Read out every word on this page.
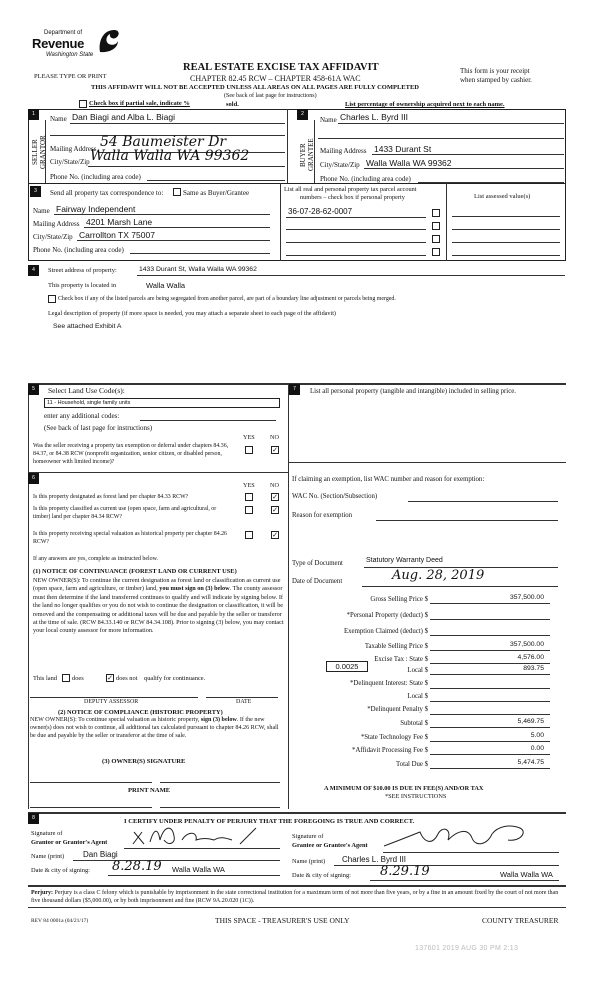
Department of
Revenue
Washington State
PLEASE TYPE OR PRINT
REAL ESTATE EXCISE TAX AFFIDAVIT
CHAPTER 82.45 RCW – CHAPTER 458-61A WAC
This form is your receipt
when stamped by cashier.
THIS AFFIDAVIT WILL NOT BE ACCEPTED UNLESS ALL AREAS ON ALL PAGES ARE FULLY COMPLETED
(See back of last page for instructions)
Check box if partial sale, indicate %	sold.	List percentage of ownership acquired next to each name.
1
SELLER
GRANTOR
Name Dan Biagi and Alba L. Biagi
Mailing Address 54 Baumeister Dr
City/State/Zip Walla Walla WA 99362
Phone No. (including area code)
2
BUYER
GRANTEE
Name Charles L. Byrd III
Mailing Address 1433 Durant St
City/State/Zip Walla Walla WA 99362
Phone No. (including area code)
3	Send all property tax correspondence to:	Same as Buyer/Grantee
Name Fairway Independent
Mailing Address 4201 Marsh Lane
City/State/Zip Carrollton TX 75007
Phone No. (including area code)
List all real and personal property tax parcel account
numbers – check box if personal property	List assessed value(s)
36-07-28-62-0007
4	Street address of property:	1433 Durant St, Walla Walla WA 99362
This property is located in	Walla Walla
Check box if any of the listed parcels are being segregated from another parcel, are part of a boundary line adjustment or parcels being merged.
Legal description of property (if more space is needed, you may attach a separate sheet to each page of the affidavit)
See attached Exhibit A
5	Select Land Use Code(s):
11 - Household, single family units
enter any additional codes:
(See back of last page for instructions)
YES NO
Was the seller receiving a property tax exemption or deferral under chapters 84.36, 84.37, or 84.38 RCW (nonprofit organization, senior citizen, or disabled person, homeowner with limited income)?
✓
6
YES NO
Is this property designated as forest land per chapter 84.33 RCW?	✓
Is this property classified as current use (open space, farm and agricultural, or timber) land per chapter 84.34 RCW?
✓
Is this property receiving special valuation as historical property per chapter 84.26 RCW?
✓
If any answers are yes, complete as instructed below.
(1) NOTICE OF CONTINUANCE (FOREST LAND OR CURRENT USE)
NEW OWNER(S): To continue the current designation as forest land or classification as current use (open space, farm and agriculture, or timber) land, you must sign on (3) below. The county assessor must then determine if the land transferred continues to qualify and will indicate by signing below. If the land no longer qualifies or you do not wish to continue the designation or classification, it will be removed and the compensating or additional taxes will be due and payable by the seller or transferor at the time of sale. (RCW 84.33.140 or RCW 84.34.108). Prior to signing (3) below, you may contact your local county assessor for more information.
This land does	✓ does not qualify for continuance.
DEPUTY ASSESSOR	DATE
(2) NOTICE OF COMPLIANCE (HISTORIC PROPERTY)
NEW OWNER(S): To continue special valuation as historic property, sign (3) below. If the new owner(s) does not wish to continue, all additional tax calculated pursuant to chapter 84.26 RCW, shall be due and payable by the seller or transferor at the time of sale.
(3) OWNER(S) SIGNATURE
PRINT NAME
7	List all personal property (tangible and intangible) included in selling price.
If claiming an exemption, list WAC number and reason for exemption:
WAC No. (Section/Subsection)
Reason for exemption
Type of Document	Statutory Warranty Deed
Date of Document	Aug. 28, 2019
Gross Selling Price $	357,500.00
*Personal Property (deduct) $
Exemption Claimed (deduct) $
Taxable Selling Price $	357,500.00
Excise Tax : State $	4,576.00
0.0025	Local $	893.75
*Delinquent Interest: State $
Local $
*Delinquent Penalty $
Subtotal $	5,469.75
*State Technology Fee $	5.00
*Affidavit Processing Fee $	0.00
Total Due $	5,474.75
A MINIMUM OF $10.00 IS DUE IN FEE(S) AND/OR TAX
*SEE INSTRUCTIONS
8	I CERTIFY UNDER PENALTY OF PERJURY THAT THE FOREGOING IS TRUE AND CORRECT.
Signature of
Grantor or Grantor's Agent
Name (print) Dan Biagi
Date & city of signing: 8.28.19 Walla Walla WA
Signature of
Grantee or Grantee's Agent
Name (print) Charles L. Byrd III
Date & city of signing: 8.29.19	Walla Walla WA
Perjury: Perjury is a class C felony which is punishable by imprisonment in the state correctional institution for a maximum term of not more than five years, or by a fine in an amount fixed by the court of not more than five thousand dollars ($5,000.00), or by both imprisonment and fine (RCW 9A.20.020 (1C)).
REV 84 0001a (04/21/17)	THIS SPACE - TREASURER'S USE ONLY	COUNTY TREASURER
137601 2019 AUG 30 PM 2:13
